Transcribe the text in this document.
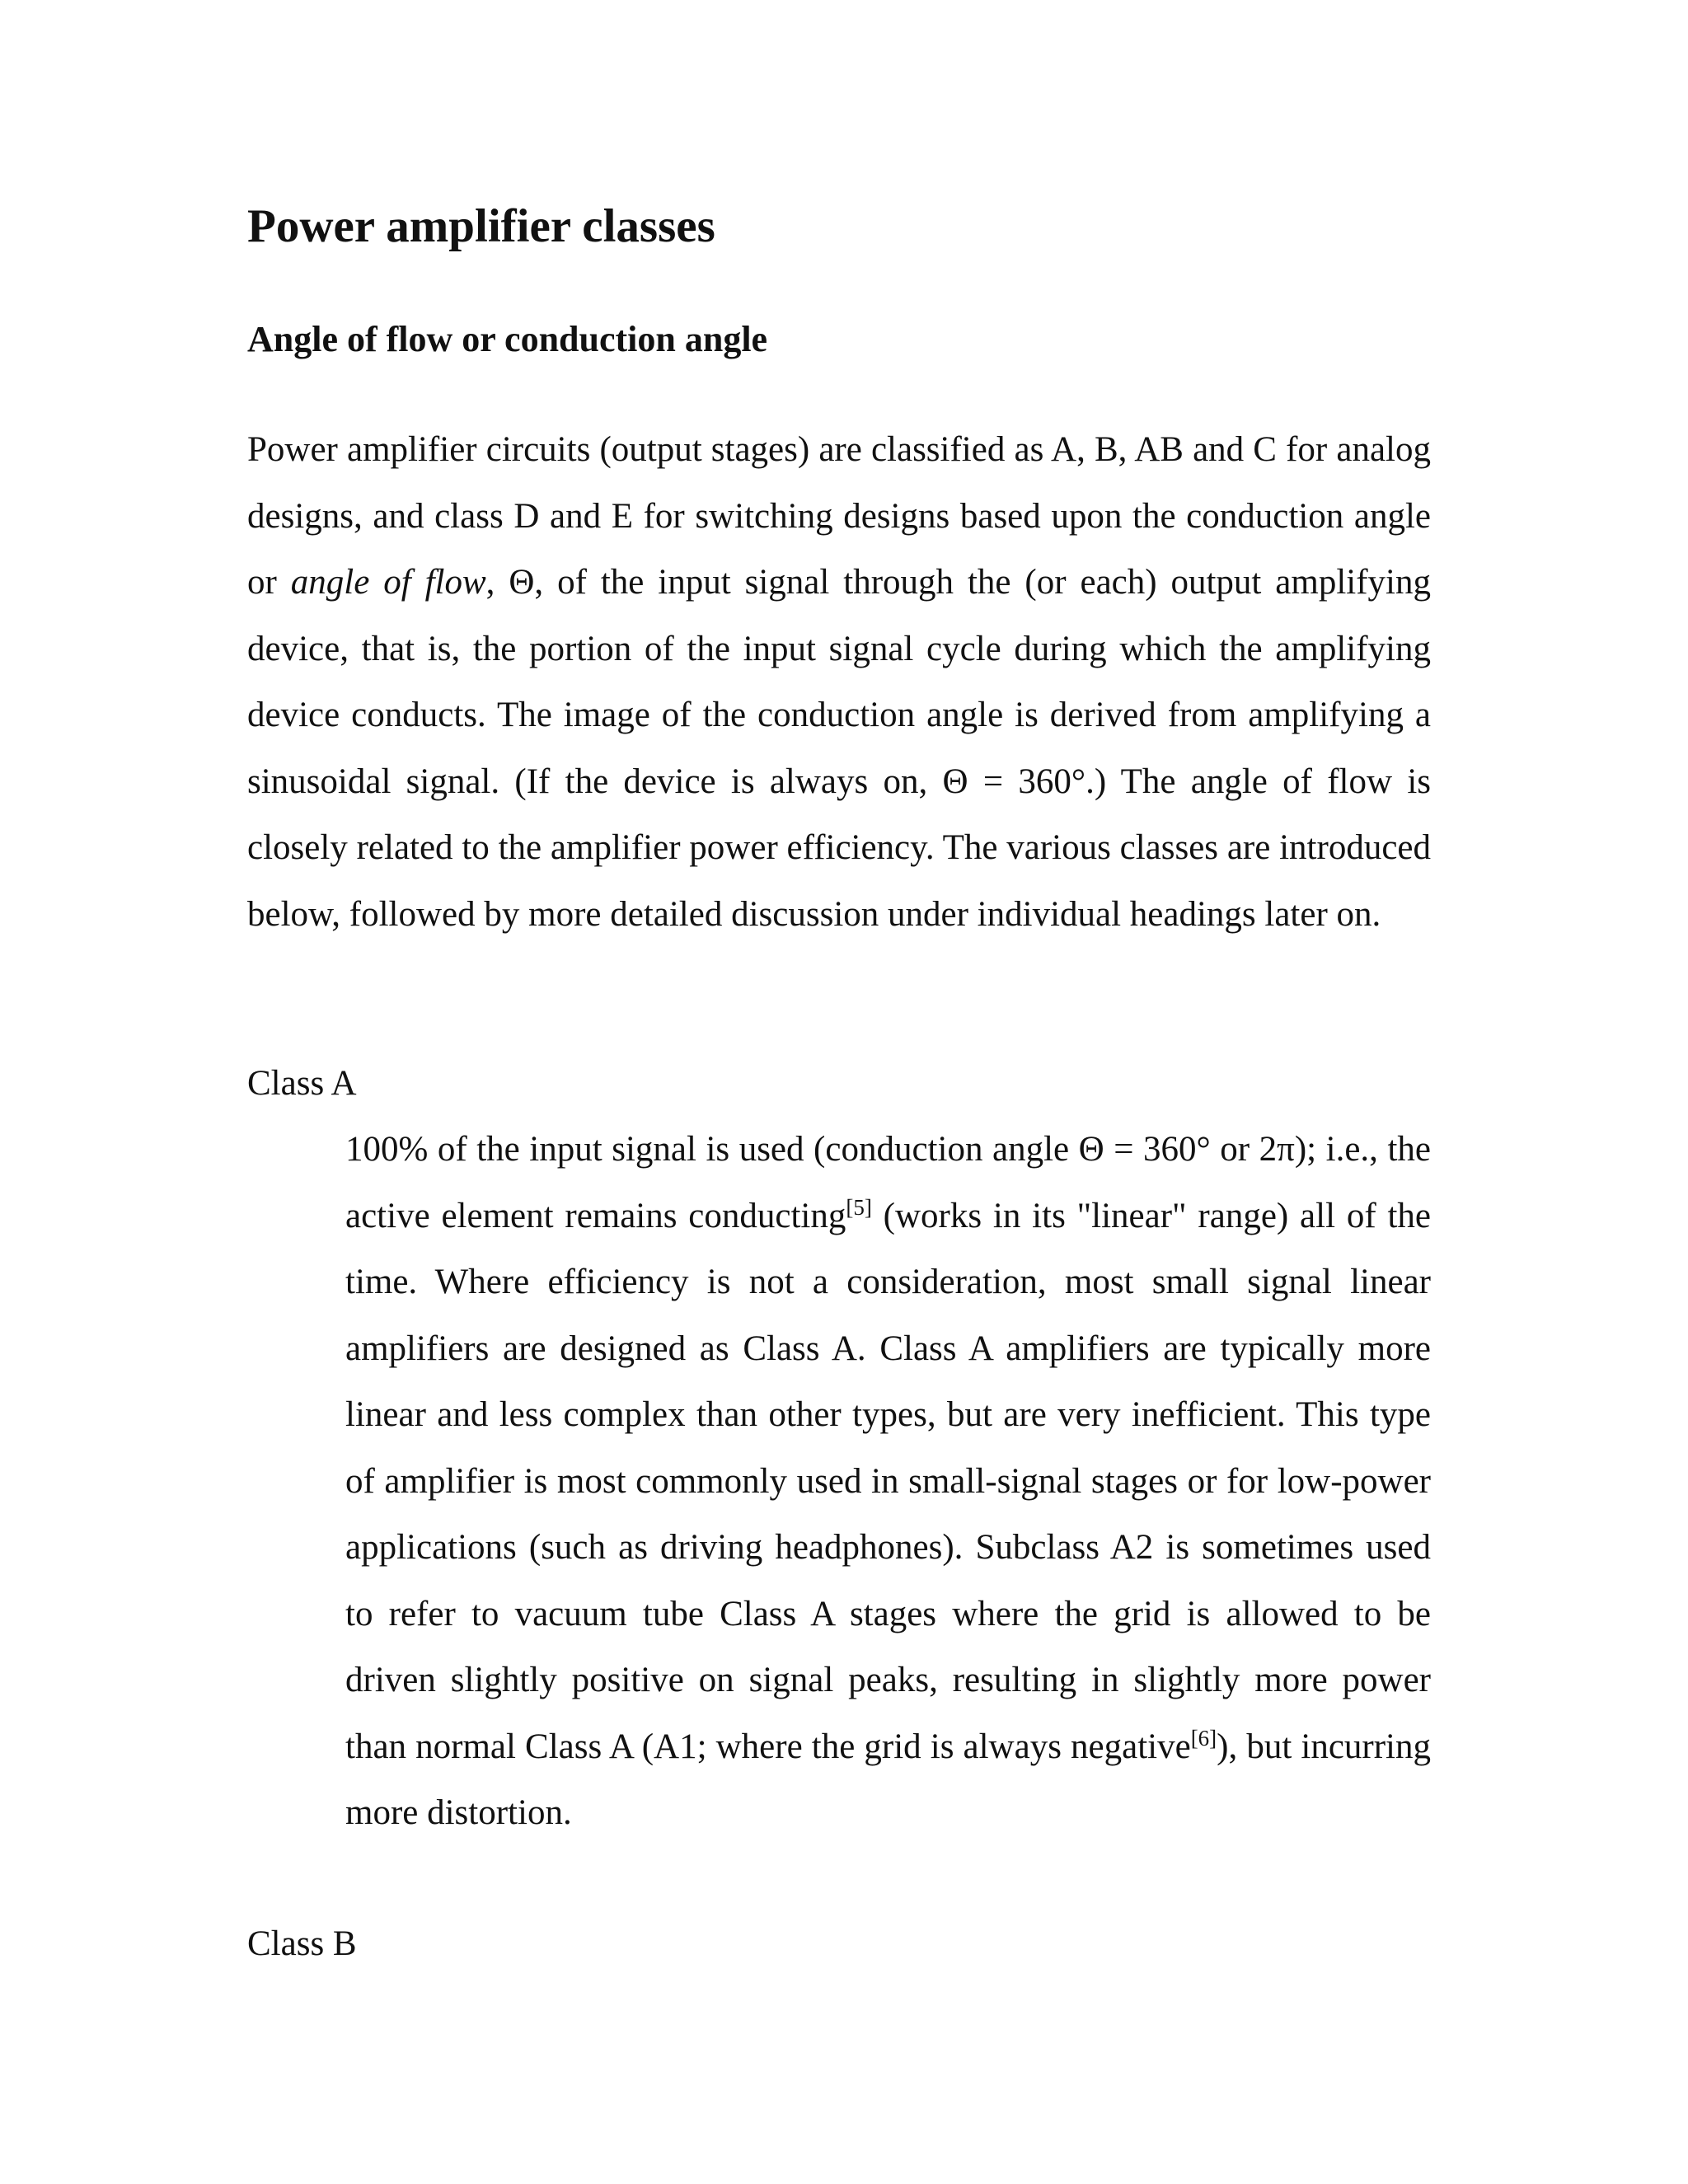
Power amplifier classes
Angle of flow or conduction angle

Power amplifier circuits (output stages) are classified as A, B, AB and C for analog designs, and class D and E for switching designs based upon the conduction angle or angle of flow, Θ, of the input signal through the (or each) output amplifying device, that is, the portion of the input signal cycle during which the amplifying device conducts. The image of the conduction angle is derived from amplifying a sinusoidal signal. (If the device is always on, Θ = 360°.) The angle of flow is closely related to the amplifier power efficiency. The various classes are introduced below, followed by more detailed discussion under individual headings later on.

Class A

100% of the input signal is used (conduction angle Θ = 360° or 2π); i.e., the active element remains conducting[5] (works in its "linear" range) all of the time. Where efficiency is not a consideration, most small signal linear amplifiers are designed as Class A. Class A amplifiers are typically more linear and less complex than other types, but are very inefficient. This type of amplifier is most commonly used in small-signal stages or for low-power applications (such as driving headphones). Subclass A2 is sometimes used to refer to vacuum tube Class A stages where the grid is allowed to be driven slightly positive on signal peaks, resulting in slightly more power than normal Class A (A1; where the grid is always negative[6]), but incurring more distortion.

Class B
